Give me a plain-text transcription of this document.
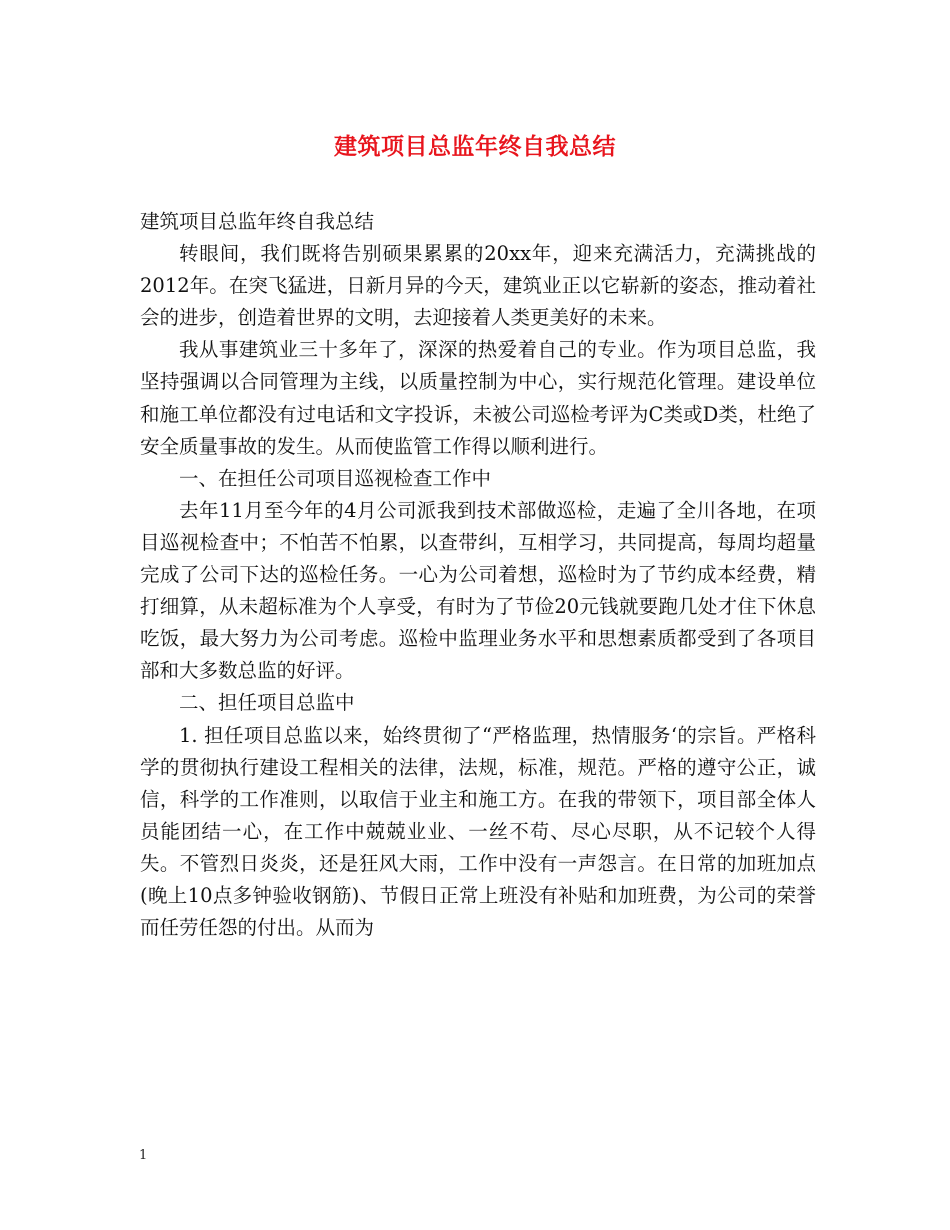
建筑项目总监年终自我总结

建筑项目总监年终自我总结

转眼间，我们既将告别硕果累累的20xx年，迎来充满活力，充满挑战的2012年。在突飞猛进，日新月异的今天，建筑业正以它崭新的姿态，推动着社会的进步，创造着世界的文明，去迎接着人类更美好的未来。

我从事建筑业三十多年了，深深的热爱着自己的专业。作为项目总监，我坚持强调以合同管理为主线，以质量控制为中心，实行规范化管理。建设单位和施工单位都没有过电话和文字投诉，未被公司巡检考评为C类或D类，杜绝了安全质量事故的发生。从而使监管工作得以顺利进行。

一、在担任公司项目巡视检查工作中

去年11月至今年的4月公司派我到技术部做巡检，走遍了全川各地，在项目巡视检查中；不怕苦不怕累，以查带纠，互相学习，共同提高，每周均超量完成了公司下达的巡检任务。一心为公司着想，巡检时为了节约成本经费，精打细算，从未超标准为个人享受，有时为了节俭20元钱就要跑几处才住下休息吃饭，最大努力为公司考虑。巡检中监理业务水平和思想素质都受到了各项目部和大多数总监的好评。

二、担任项目总监中

1. 担任项目总监以来，始终贯彻了“严格监理，热情服务‘的宗旨。严格科学的贯彻执行建设工程相关的法律，法规，标准，规范。严格的遵守公正，诚信，科学的工作准则，以取信于业主和施工方。在我的带领下，项目部全体人员能团结一心，在工作中兢兢业业、一丝不苟、尽心尽职，从不记较个人得失。不管烈日炎炎，还是狂风大雨，工作中没有一声怨言。在日常的加班加点(晚上10点多钟验收钢筋)、节假日正常上班没有补贴和加班费，为公司的荣誉而任劳任怨的付出。从而为

1
